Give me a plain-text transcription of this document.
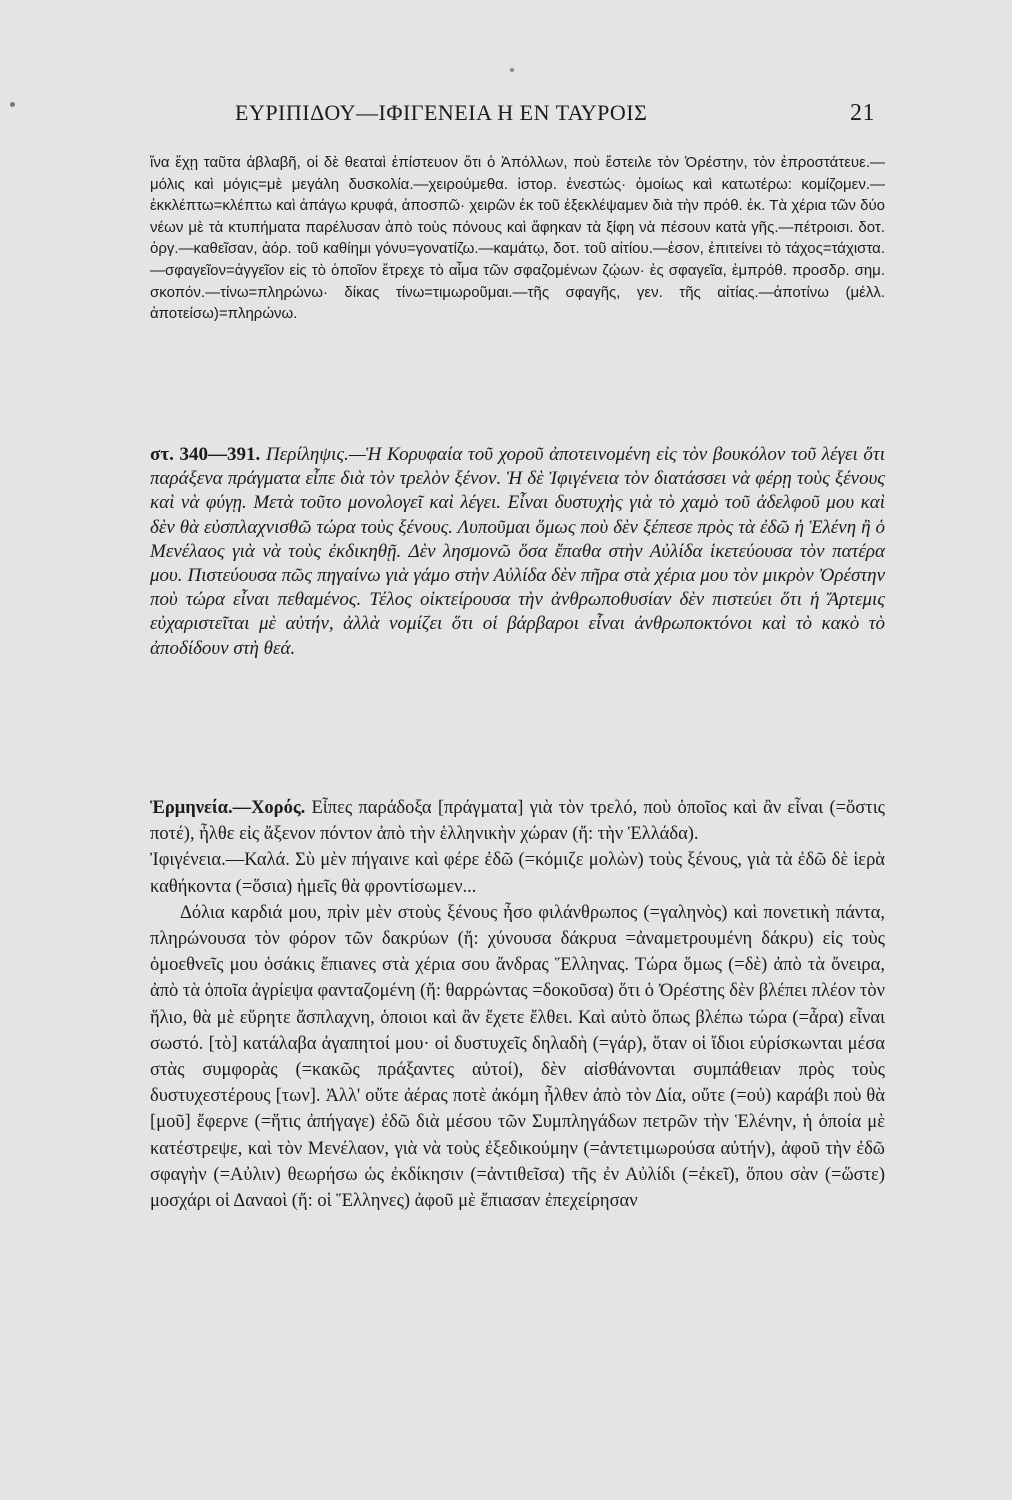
ΕΥΡΙΠΙΔΟΥ—ΙΦΙΓΕΝΕΙΑ Η ΕΝ ΤΑΥΡΟΙΣ	21

ἵνα ἔχῃ ταῦτα ἀβλαβῆ, οἱ δὲ θεαταὶ ἐπίστευον ὅτι ὁ Ἀπόλλων, ποὺ ἔστειλε τὸν Ὀρέστην, τὸν ἐπροστάτευε.—μόλις καὶ μόγις=μὲ μεγάλη δυσκολία.—χειρούμεθα. ἱστορ. ἐνεστώς· ὁμοίως καὶ κατωτέρω: κομίζομεν.—ἐκκλέπτω=κλέπτω καὶ ἀπάγω κρυφά, ἀποσπῶ· χειρῶν ἐκ τοῦ ἐξεκλέψαμεν διὰ τὴν πρόθ. ἐκ. Τὰ χέρια τῶν δύο νέων μὲ τὰ κτυπήματα παρέλυσαν ἀπὸ τοὺς πόνους καὶ ἄφηκαν τὰ ξίφη νὰ πέσουν κατὰ γῆς.—πέτροισι. δοτ. ὀργ.—καθεῖσαν, ἀόρ. τοῦ καθίημι γόνυ=γονατίζω.—καμάτῳ, δοτ. τοῦ αἰτίου.—ἐσον, ἐπιτείνει τὸ τάχος=τάχιστα.—σφαγεῖον=ἀγγεῖον εἰς τὸ ὁποῖον ἔτρεχε τὸ αἷμα τῶν σφαζομένων ζῴων· ἐς σφαγεῖα, ἐμπρόθ. προσδρ. σημ. σκοπόν.—τίνω=πληρώνω· δίκας τίνω=τιμωροῦμαι.—τῆς σφαγῆς, γεν. τῆς αἰτίας.—ἀποτίνω (μέλλ. ἀποτείσω)=πληρώνω.

στ. 340—391. Περίληψις.—Ἡ Κορυφαία τοῦ χοροῦ ἀποτεινομένη εἰς τὸν βουκόλον τοῦ λέγει ὅτι παράξενα πράγματα εἶπε διὰ τὸν τρελὸν ξένον. Ἡ δὲ Ἰφιγένεια τὸν διατάσσει νὰ φέρῃ τοὺς ξένους καὶ νὰ φύγῃ. Μετὰ τοῦτο μονολογεῖ καὶ λέγει. Εἶναι δυστυχὴς γιὰ τὸ χαμὸ τοῦ ἀδελφοῦ μου καὶ δὲν θὰ εὐσπλαχνισθῶ τώρα τοὺς ξένους. Λυποῦμαι ὅμως ποὺ δὲν ξέπεσε πρὸς τὰ ἐδῶ ἡ Ἑλένη ἢ ὁ Μενέλαος γιὰ νὰ τοὺς ἐκδικηθῇ. Δὲν λησμονῶ ὅσα ἔπαθα στὴν Αὐλίδα ἱκετεύουσα τὸν πατέρα μου. Πιστεύουσα πῶς πηγαίνω γιὰ γάμο στὴν Αὐλίδα δὲν πῆρα στὰ χέρια μου τὸν μικρὸν Ὀρέστην ποὺ τώρα εἶναι πεθαμένος. Τέλος οἰκτείρουσα τὴν ἀνθρωποθυσίαν δὲν πιστεύει ὅτι ἡ Ἄρτεμις εὐχαριστεῖται μὲ αὐτήν, ἀλλὰ νομίζει ὅτι οἱ βάρβαροι εἶναι ἀνθρωποκτόνοι καὶ τὸ κακὸ τὸ ἀποδίδουν στὴ θεά.

Ἑρμηνεία.—Χορός. Εἶπες παράδοξα [πράγματα] γιὰ τὸν τρελό, ποὺ ὁποῖος καὶ ἂν εἶναι (=ὅστις ποτέ), ἦλθε εἰς ἄξενον πόντον ἀπὸ τὴν ἑλληνικὴν χώραν (ἤ: τὴν Ἑλλάδα).

Ἰφιγένεια.—Καλά. Σὺ μὲν πήγαινε καὶ φέρε ἐδῶ (=κόμιζε μολὼν) τοὺς ξένους, γιὰ τὰ ἐδῶ δὲ ἱερὰ καθήκοντα (=ὅσια) ἡμεῖς θὰ φροντίσωμεν...

Δόλια καρδιά μου, πρὶν μὲν στοὺς ξένους ἦσο φιλάνθρωπος (=γαληνὸς) καὶ πονετικὴ πάντα, πληρώνουσα τὸν φόρον τῶν δακρύων (ἤ: χύνουσα δάκρυα =ἀναμετρουμένη δάκρυ) εἰς τοὺς ὁμοεθνεῖς μου ὁσάκις ἔπιανες στὰ χέρια σου ἄνδρας Ἕλληνας. Τώρα ὅμως (=δὲ) ἀπὸ τὰ ὄνειρα, ἀπὸ τὰ ὁποῖα ἀγρίεψα φανταζομένη (ἤ: θαρρώντας =δοκοῦσα) ὅτι ὁ Ὀρέστης δὲν βλέπει πλέον τὸν ἥλιο, θὰ μὲ εὕρητε ἄσπλαχνη, ὁποιοι καὶ ἂν ἔχετε ἔλθει. Καὶ αὐτὸ ὅπως βλέπω τώρα (=ἆρα) εἶναι σωστό. [τὸ] κατάλαβα ἀγαπητοί μου· οἱ δυστυχεῖς δηλαδὴ (=γάρ), ὅταν οἱ ἴδιοι εὑρίσκωνται μέσα στὰς συμφορὰς (=κακῶς πράξαντες αὐτοί), δὲν αἰσθάνονται συμπάθειαν πρὸς τοὺς δυστυχεστέρους [των]. Ἀλλ' οὔτε ἀέρας ποτὲ ἀκόμη ἦλθεν ἀπὸ τὸν Δία, οὔτε (=οὐ) καράβι ποὺ θὰ [μοῦ] ἔφερνε (=ἥτις ἀπήγαγε) ἐδῶ διὰ μέσου τῶν Συμπληγάδων πετρῶν τὴν Ἑλένην, ἡ ὁποία μὲ κατέστρεψε, καὶ τὸν Μενέλαον, γιὰ νὰ τοὺς ἐξεδικούμην (=ἀντετιμωρούσα αὐτήν), ἀφοῦ τὴν ἐδῶ σφαγὴν (=Αὐλιν) θεωρήσω ὡς ἐκδίκησιν (=ἀντιθεῖσα) τῆς ἐν Αὐλίδι (=ἐκεῖ), ὅπου σὰν (=ὥστε) μοσχάρι οἱ Δαναοὶ (ἤ: οἱ Ἕλληνες) ἀφοῦ μὲ ἔπιασαν ἐπεχείρησαν
